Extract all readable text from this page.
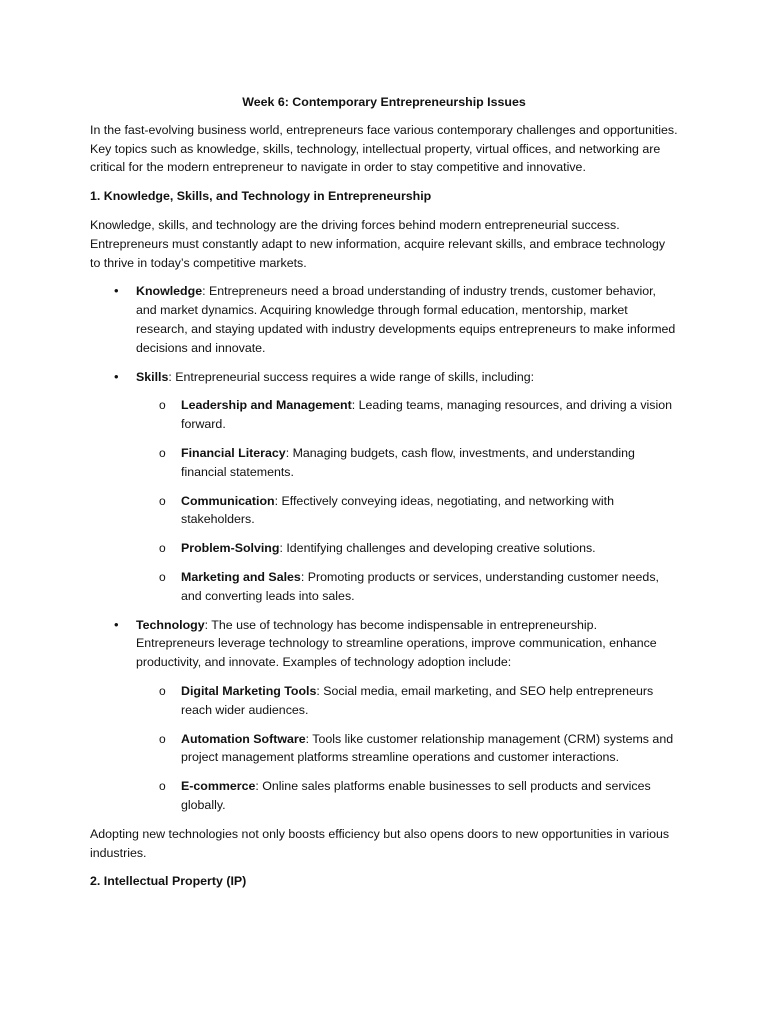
Week 6: Contemporary Entrepreneurship Issues

In the fast-evolving business world, entrepreneurs face various contemporary challenges and opportunities. Key topics such as knowledge, skills, technology, intellectual property, virtual offices, and networking are critical for the modern entrepreneur to navigate in order to stay competitive and innovative.

1. Knowledge, Skills, and Technology in Entrepreneurship

Knowledge, skills, and technology are the driving forces behind modern entrepreneurial success. Entrepreneurs must constantly adapt to new information, acquire relevant skills, and embrace technology to thrive in today’s competitive markets.

• Knowledge: Entrepreneurs need a broad understanding of industry trends, customer behavior, and market dynamics. Acquiring knowledge through formal education, mentorship, market research, and staying updated with industry developments equips entrepreneurs to make informed decisions and innovate.
• Skills: Entrepreneurial success requires a wide range of skills, including:
o Leadership and Management: Leading teams, managing resources, and driving a vision forward.
o Financial Literacy: Managing budgets, cash flow, investments, and understanding financial statements.
o Communication: Effectively conveying ideas, negotiating, and networking with stakeholders.
o Problem-Solving: Identifying challenges and developing creative solutions.
o Marketing and Sales: Promoting products or services, understanding customer needs, and converting leads into sales.
• Technology: The use of technology has become indispensable in entrepreneurship. Entrepreneurs leverage technology to streamline operations, improve communication, enhance productivity, and innovate. Examples of technology adoption include:
o Digital Marketing Tools: Social media, email marketing, and SEO help entrepreneurs reach wider audiences.
o Automation Software: Tools like customer relationship management (CRM) systems and project management platforms streamline operations and customer interactions.
o E-commerce: Online sales platforms enable businesses to sell products and services globally.

Adopting new technologies not only boosts efficiency but also opens doors to new opportunities in various industries.

2. Intellectual Property (IP)
